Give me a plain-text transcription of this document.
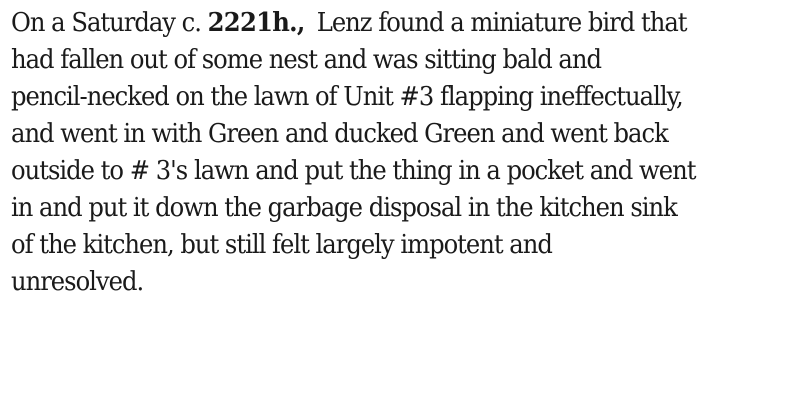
On a Saturday c. 2221h., Lenz found a miniature bird that
had fallen out of some nest and was sitting bald and
pencil-necked on the lawn of Unit #3 flapping ineffectually,
and went in with Green and ducked Green and went back
outside to # 3's lawn and put the thing in a pocket and went
in and put it down the garbage disposal in the kitchen sink
of the kitchen, but still felt largely impotent and
unresolved.
